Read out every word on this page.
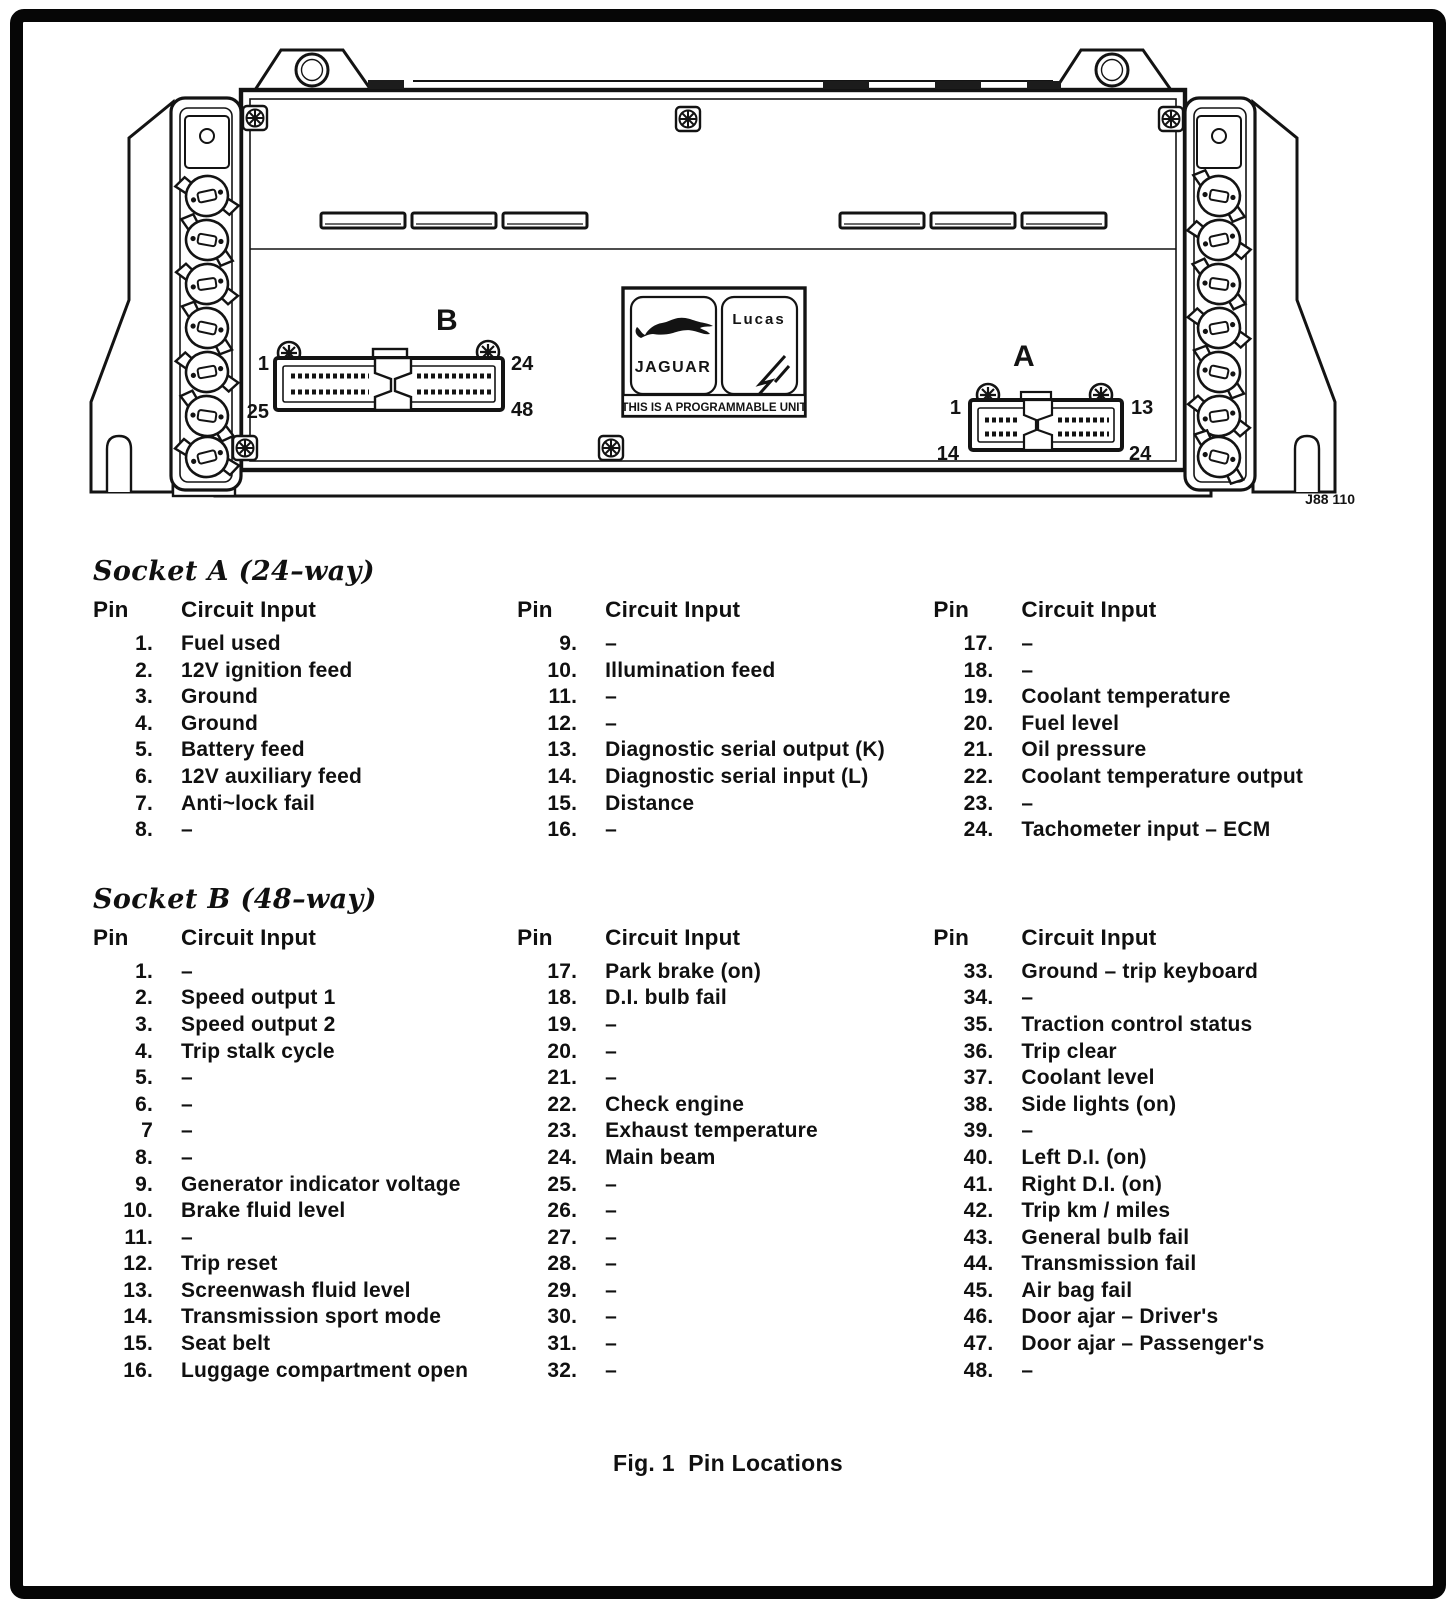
B
1	24
25	48
A
1	13
14	24
JAGUAR
Lucas
THIS IS A PROGRAMMABLE UNIT
J88 110
Socket A (24–way)
Pin	Circuit Input
1. Fuel used
2. 12V ignition feed
3. Ground
4. Ground
5. Battery feed
6. 12V auxiliary feed
7. Anti~lock fail
8. –
Pin	Circuit Input
9. –
10. Illumination feed
11. –
12. –
13. Diagnostic serial output (K)
14. Diagnostic serial input (L)
15. Distance
16. –
Pin	Circuit Input
17. –
18. –
19. Coolant temperature
20. Fuel level
21. Oil pressure
22. Coolant temperature output
23. –
24. Tachometer input – ECM
Socket B (48–way)
Pin	Circuit Input
1. –
2. Speed output 1
3. Speed output 2
4. Trip stalk cycle
5. –
6. –
7 –
8. –
9. Generator indicator voltage
10. Brake fluid level
11. –
12. Trip reset
13. Screenwash fluid level
14. Transmission sport mode
15. Seat belt
16. Luggage compartment open
Pin	Circuit Input
17. Park brake (on)
18. D.I. bulb fail
19. –
20. –
21. –
22. Check engine
23. Exhaust temperature
24. Main beam
25. –
26. –
27. –
28. –
29. –
30. –
31. –
32. –
Pin	Circuit Input
33. Ground – trip keyboard
34. –
35. Traction control status
36. Trip clear
37. Coolant level
38. Side lights (on)
39. –
40. Left D.I. (on)
41. Right D.I. (on)
42. Trip km / miles
43. General bulb fail
44. Transmission fail
45. Air bag fail
46. Door ajar – Driver's
47. Door ajar – Passenger's
48. –
Fig. 1  Pin Locations
